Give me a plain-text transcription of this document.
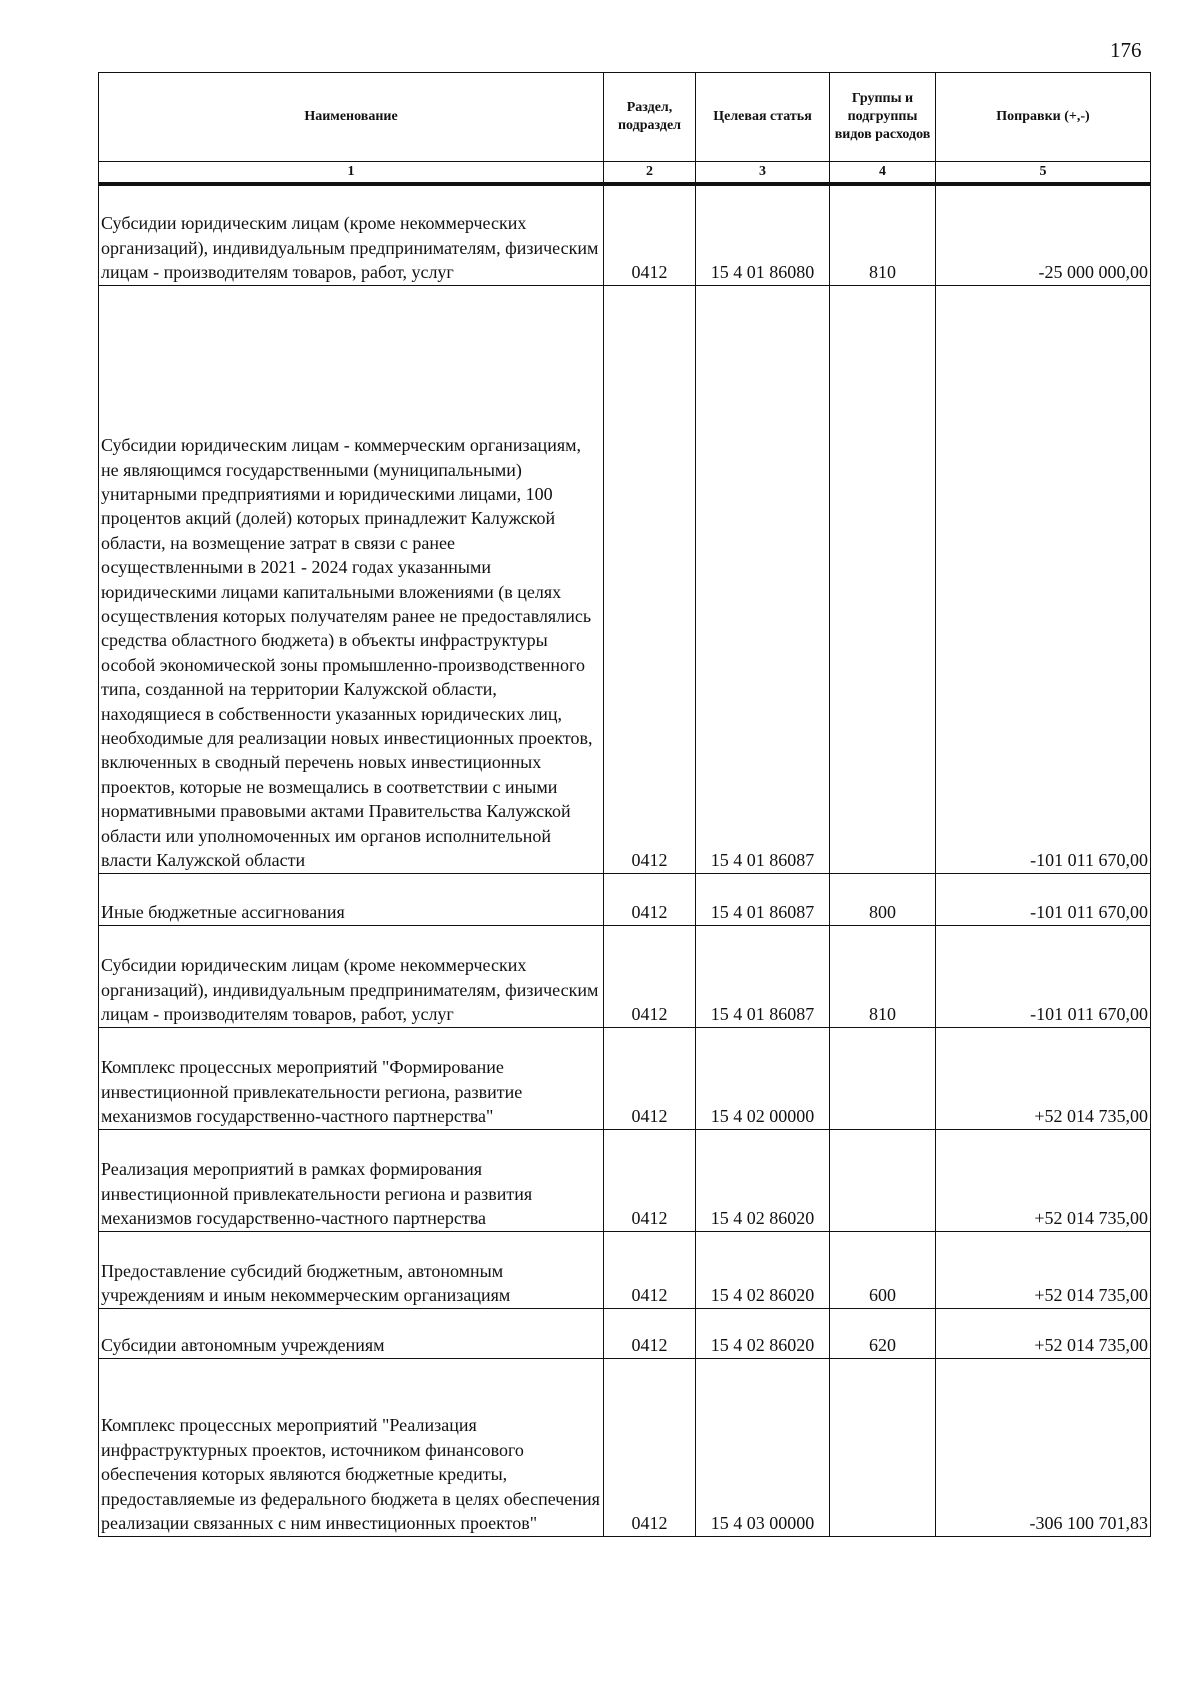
176
Наименование	Раздел, подраздел	Целевая статья	Группы и подгруппы видов расходов	Поправки (+,-)
1	2	3	4	5
Субсидии юридическим лицам (кроме некоммерческих организаций), индивидуальным предпринимателям, физическим лицам - производителям товаров, работ, услуг	0412	15 4 01 86080	810	-25 000 000,00
Субсидии юридическим лицам - коммерческим организациям, не являющимся государственными (муниципальными) унитарными предприятиями и юридическими лицами, 100 процентов акций (долей) которых принадлежит Калужской области, на возмещение затрат в связи с ранее осуществленными в 2021 - 2024 годах указанными юридическими лицами капитальными вложениями (в целях осуществления которых получателям ранее не предоставлялись средства областного бюджета) в объекты инфраструктуры особой экономической зоны промышленно-производственного типа, созданной на территории Калужской области, находящиеся в собственности указанных юридических лиц, необходимые для реализации новых инвестиционных проектов, включенных в сводный перечень новых инвестиционных проектов, которые не возмещались в соответствии с иными нормативными правовыми актами Правительства Калужской области или уполномоченных им органов исполнительной власти Калужской области	0412	15 4 01 86087		-101 011 670,00
Иные бюджетные ассигнования	0412	15 4 01 86087	800	-101 011 670,00
Субсидии юридическим лицам (кроме некоммерческих организаций), индивидуальным предпринимателям, физическим лицам - производителям товаров, работ, услуг	0412	15 4 01 86087	810	-101 011 670,00
Комплекс процессных мероприятий "Формирование инвестиционной привлекательности региона, развитие механизмов государственно-частного партнерства"	0412	15 4 02 00000		+52 014 735,00
Реализация мероприятий в рамках формирования инвестиционной привлекательности региона и развития механизмов государственно-частного партнерства	0412	15 4 02 86020		+52 014 735,00
Предоставление субсидий бюджетным, автономным учреждениям и иным некоммерческим организациям	0412	15 4 02 86020	600	+52 014 735,00
Субсидии автономным учреждениям	0412	15 4 02 86020	620	+52 014 735,00
Комплекс процессных мероприятий "Реализация инфраструктурных проектов, источником финансового обеспечения которых являются бюджетные кредиты, предоставляемые из федерального бюджета в целях обеспечения реализации связанных с ним инвестиционных проектов"	0412	15 4 03 00000		-306 100 701,83
